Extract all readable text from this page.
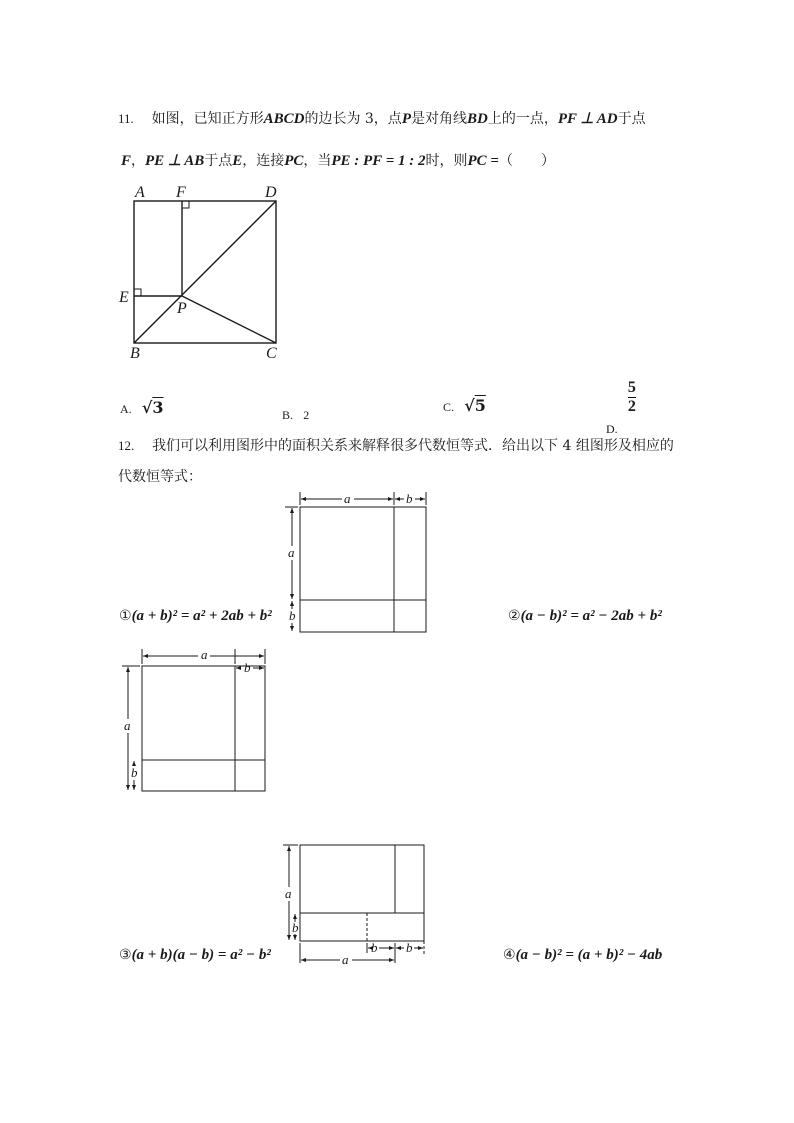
11. 如图，已知正方形ABCD的边长为 3，点P是对角线BD上的一点，PF ⊥ AD于点
F，PE ⊥ AB于点E，连接PC，当PE : PF = 1 : 2时，则PC =（　　）
A F	D
E
P
B	C
A. √3	B. 2
C. √5
$_{D.} \frac{5}{2}$
12. 我们可以利用图形中的面积关系来解释很多代数恒等式．给出以下 4 组图形及相应的
代数恒等式：
a	b
a
b
①(a + b)² = a² + 2ab + b²	②(a − b)² = a² − 2ab + b²
a
b
a
b
a
b
a
b b
③(a + b)(a − b) = a² − b²	④(a − b)² = (a + b)² − 4ab
